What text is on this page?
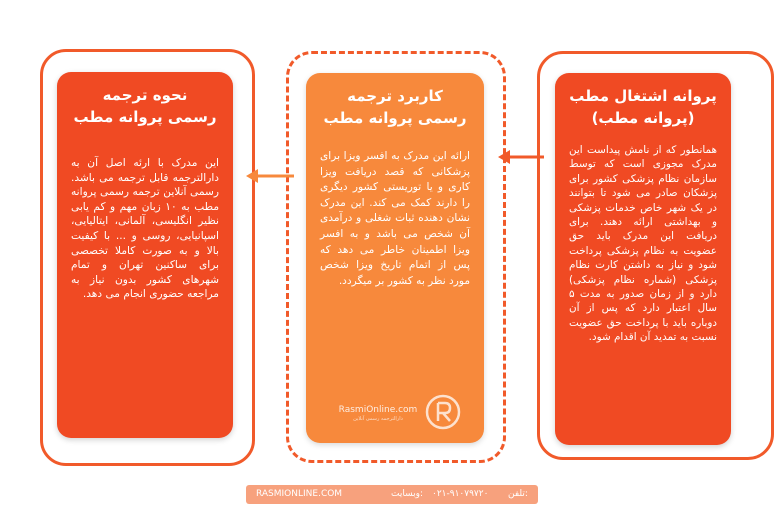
پروانه اشتغال مطب
(پروانه مطب)

همانطور که از نامش پیداست این مدرک مجوزی است که توسط سازمان نظام پزشکی کشور برای پزشکان صادر می شود تا بتوانند در یک شهر خاص خدمات پزشکی و بهداشتی ارائه دهند. برای دریافت این مدرک باید حق عضویت به نظام پزشکی پرداخت شود و نیاز به داشتن کارت نظام پزشکی (شماره نظام پزشکی) دارد و از زمان صدور به مدت ۵ سال اعتبار دارد که پس از آن دوباره باید با پرداخت حق عضویت نسبت به تمدید آن اقدام شود.

کاربرد ترجمه
رسمی پروانه مطب

ارائه این مدرک به افسر ویزا برای پزشکانی که قصد دریافت ویزا کاری و یا توریستی کشور دیگری را دارند کمک می کند. این مدرک نشان دهنده ثبات شغلی و درآمدی آن شخص می باشد و به افسر ویزا اطمینان خاطر می دهد که پس از اتمام تاریخ ویزا شخص مورد نظر به کشور بر میگردد.

RasmiOnline.com
دارالترجمه رسمی آنلاین
نحوه ترجمه
رسمی پروانه مطب

این مدرک با ارئه اصل آن به دارالترجمه قابل ترجمه می باشد. رسمی آنلاین ترجمه رسمی پروانه مطب به ۱۰ زبان مهم و کم یابی نظیر انگلیسی، آلمانی، ایتالیایی، اسپانیایی، روسی و ... با کیفیت بالا و به صورت کاملا تخصصی برای ساکنین تهران و تمام شهرهای کشور بدون نیاز به مراجعه حضوری انجام می دهد.

RASMIONLINE.COM	وبسایت: ۰۲۱-۹۱۰۷۹۷۲۰ تلفن:
